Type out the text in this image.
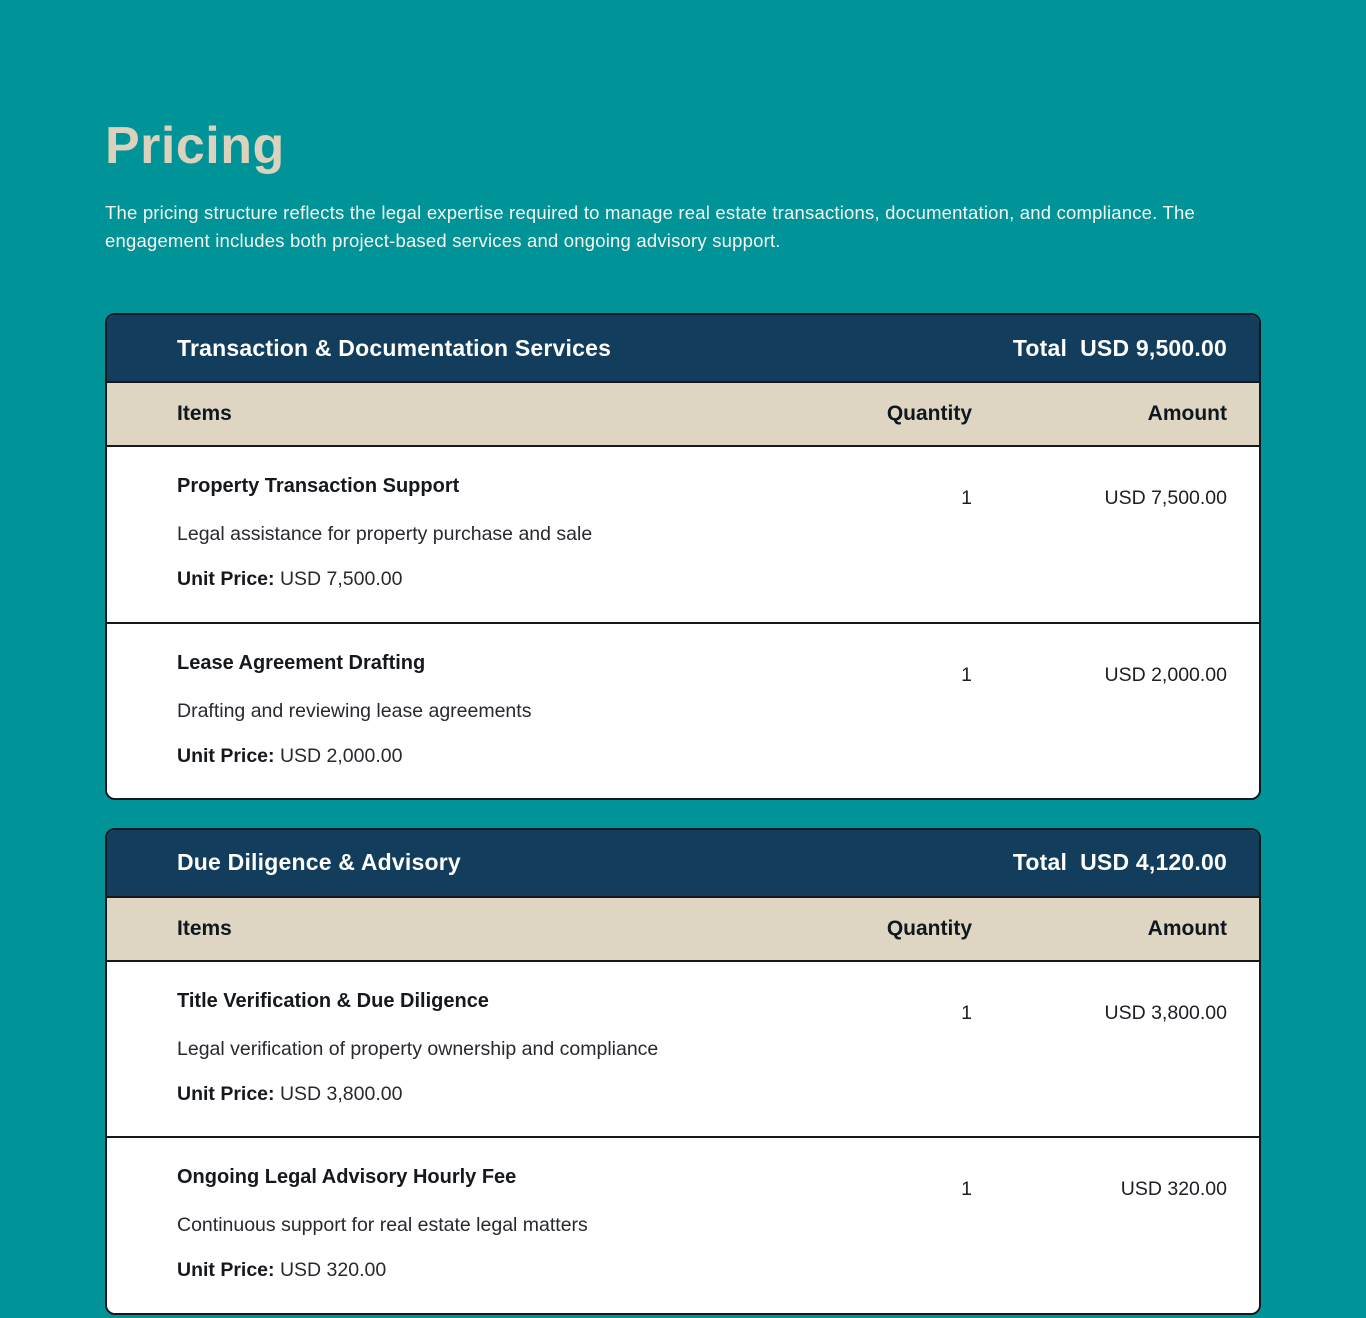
Pricing

The pricing structure reflects the legal expertise required to manage real estate transactions, documentation, and compliance. The engagement includes both project-based services and ongoing advisory support.

Transaction & Documentation Services	Total USD 9,500.00
Items	Quantity	Amount
Property Transaction Support
Legal assistance for property purchase and sale
Unit Price: USD 7,500.00
1	USD 7,500.00
Lease Agreement Drafting
Drafting and reviewing lease agreements
Unit Price: USD 2,000.00
1	USD 2,000.00
Due Diligence & Advisory	Total USD 4,120.00
Items	Quantity	Amount
Title Verification & Due Diligence
Legal verification of property ownership and compliance
Unit Price: USD 3,800.00
1	USD 3,800.00
Ongoing Legal Advisory Hourly Fee
Continuous support for real estate legal matters
Unit Price: USD 320.00
1	USD 320.00
